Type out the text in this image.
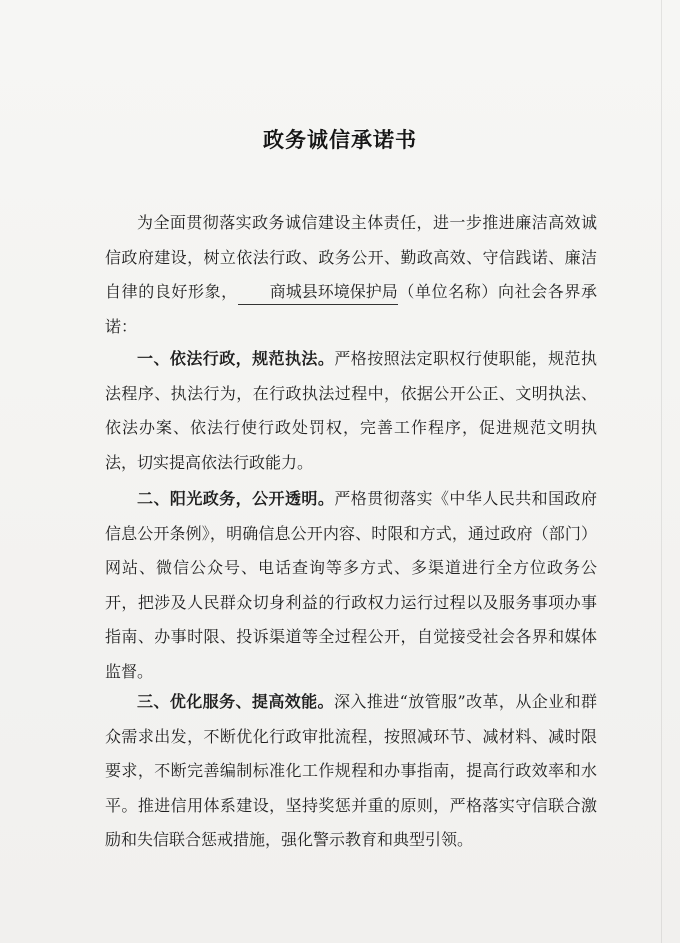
政务诚信承诺书

为全面贯彻落实政务诚信建设主体责任，进一步推进廉洁高效诚信政府建设，树立依法行政、政务公开、勤政高效、守信践诺、廉洁自律的良好形象， 商城县环境保护局（单位名称）向社会各界承诺：

一、依法行政，规范执法。严格按照法定职权行使职能，规范执法程序、执法行为，在行政执法过程中，依据公开公正、文明执法、依法办案、依法行使行政处罚权，完善工作程序，促进规范文明执法，切实提高依法行政能力。

二、阳光政务，公开透明。严格贯彻落实《中华人民共和国政府信息公开条例》，明确信息公开内容、时限和方式，通过政府（部门）网站、微信公众号、电话查询等多方式、多渠道进行全方位政务公开，把涉及人民群众切身利益的行政权力运行过程以及服务事项办事指南、办事时限、投诉渠道等全过程公开，自觉接受社会各界和媒体监督。

三、优化服务、提高效能。深入推进“放管服”改革，从企业和群众需求出发，不断优化行政审批流程，按照减环节、减材料、减时限要求，不断完善编制标准化工作规程和办事指南，提高行政效率和水平。推进信用体系建设，坚持奖惩并重的原则，严格落实守信联合激励和失信联合惩戒措施，强化警示教育和典型引领。
